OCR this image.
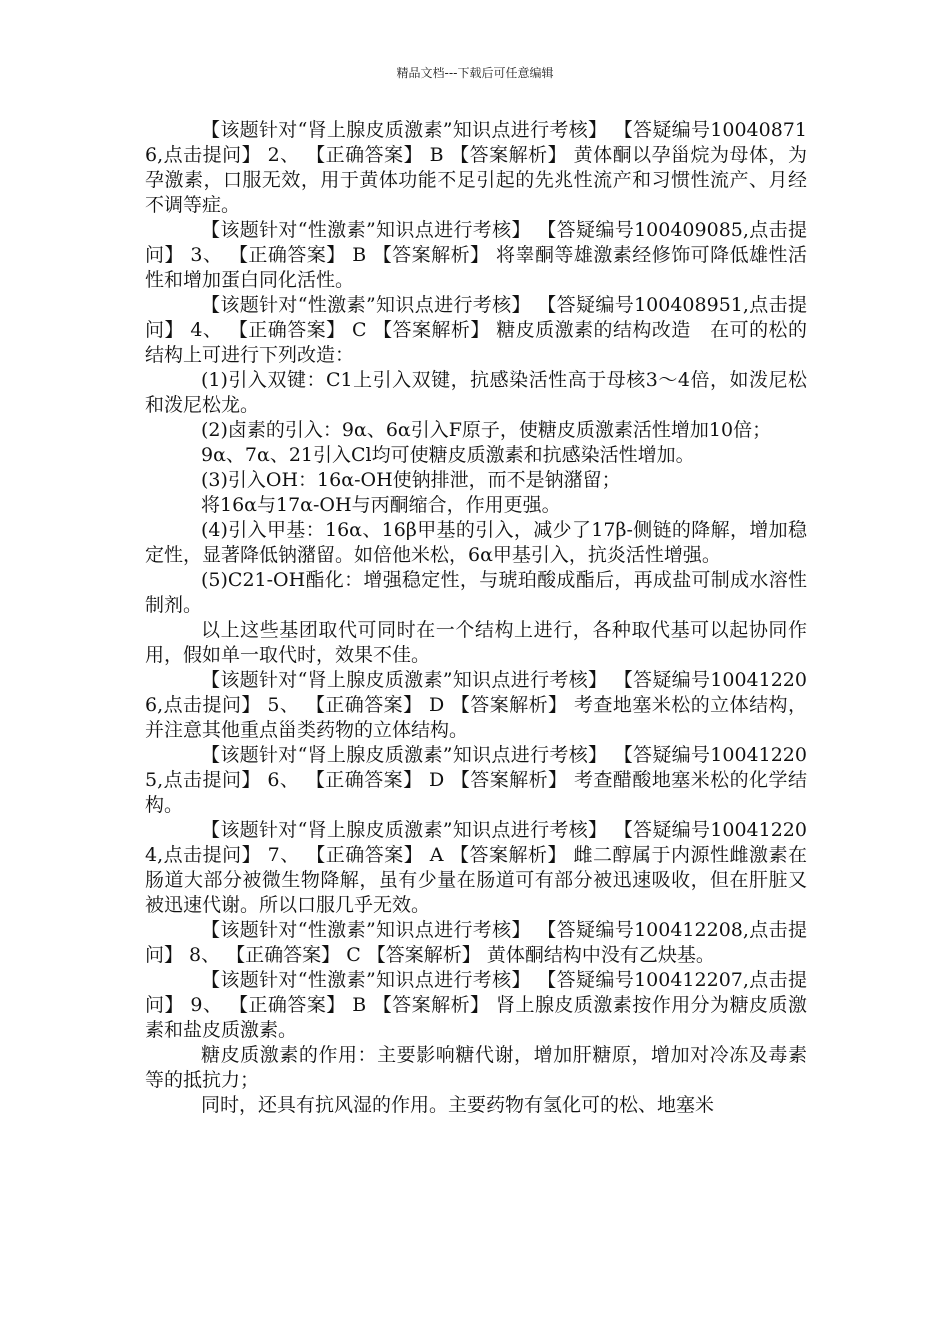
精品文档---下载后可任意编辑

【该题针对“肾上腺皮质激素”知识点进行考核】 【答疑编号100408716,点击提问】 2、 【正确答案】 B 【答案解析】 黄体酮以孕甾烷为母体，为孕激素，口服无效，用于黄体功能不足引起的先兆性流产和习惯性流产、月经不调等症。

【该题针对“性激素”知识点进行考核】 【答疑编号100409085,点击提问】 3、 【正确答案】 B 【答案解析】 将睾酮等雄激素经修饰可降低雄性活性和增加蛋白同化活性。

【该题针对“性激素”知识点进行考核】 【答疑编号100408951,点击提问】 4、 【正确答案】 C 【答案解析】 糖皮质激素的结构改造　在可的松的结构上可进行下列改造：

(1)引入双键：C1上引入双键，抗感染活性高于母核3～4倍，如泼尼松和泼尼松龙。

(2)卤素的引入：9α、6α引入F原子，使糖皮质激素活性增加10倍；

9α、7α、21引入Cl均可使糖皮质激素和抗感染活性增加。

(3)引入OH：16α-OH使钠排泄，而不是钠潴留；

将16α与17α-OH与丙酮缩合，作用更强。

(4)引入甲基：16α、16β甲基的引入，减少了17β-侧链的降解，增加稳定性，显著降低钠潴留。如倍他米松，6α甲基引入，抗炎活性增强。

(5)C21-OH酯化：增强稳定性，与琥珀酸成酯后，再成盐可制成水溶性制剂。

以上这些基团取代可同时在一个结构上进行，各种取代基可以起协同作用，假如单一取代时，效果不佳。

【该题针对“肾上腺皮质激素”知识点进行考核】 【答疑编号100412206,点击提问】 5、 【正确答案】 D 【答案解析】 考查地塞米松的立体结构，并注意其他重点甾类药物的立体结构。

【该题针对“肾上腺皮质激素”知识点进行考核】 【答疑编号100412205,点击提问】 6、 【正确答案】 D 【答案解析】 考查醋酸地塞米松的化学结构。

【该题针对“肾上腺皮质激素”知识点进行考核】 【答疑编号100412204,点击提问】 7、 【正确答案】 A 【答案解析】 雌二醇属于内源性雌激素在肠道大部分被微生物降解，虽有少量在肠道可有部分被迅速吸收，但在肝脏又被迅速代谢。所以口服几乎无效。

【该题针对“性激素”知识点进行考核】 【答疑编号100412208,点击提问】 8、 【正确答案】 C 【答案解析】 黄体酮结构中没有乙炔基。

【该题针对“性激素”知识点进行考核】 【答疑编号100412207,点击提问】 9、 【正确答案】 B 【答案解析】 肾上腺皮质激素按作用分为糖皮质激素和盐皮质激素。

糖皮质激素的作用：主要影响糖代谢，增加肝糖原，增加对冷冻及毒素等的抵抗力；

同时，还具有抗风湿的作用。主要药物有氢化可的松、地塞米
